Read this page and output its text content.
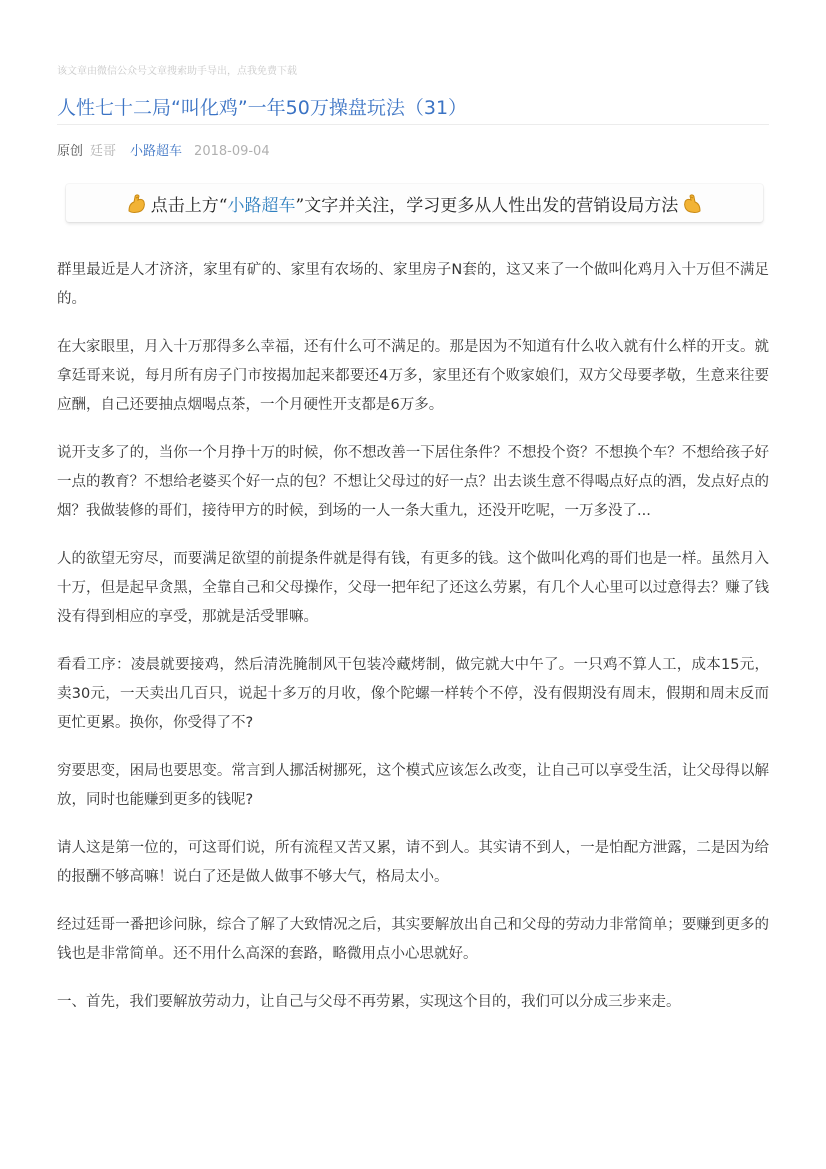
该文章由微信公众号文章搜索助手导出，点我免费下载
人性七十二局“叫化鸡”一年50万操盘玩法（31）
原创 廷哥 小路超车 2018-09-04
点击上方“ 小路超车 ”文字并关注，学习更多从人性出发的营销设局方法

群里最近是人才济济，家里有矿的、家里有农场的、家里房子N套的，这又来了一个做叫化鸡月入十万但不满足的。

在大家眼里，月入十万那得多么幸福，还有什么可不满足的。那是因为不知道有什么收入就有什么样的开支。就拿廷哥来说，每月所有房子门市按揭加起来都要还4万多，家里还有个败家娘们，双方父母要孝敬，生意来往要应酬，自己还要抽点烟喝点茶，一个月硬性开支都是6万多。

说开支多了的，当你一个月挣十万的时候，你不想改善一下居住条件？不想投个资？不想换个车？不想给孩子好一点的教育？不想给老婆买个好一点的包？不想让父母过的好一点？出去谈生意不得喝点好点的酒，发点好点的烟？我做装修的哥们，接待甲方的时候，到场的一人一条大重九，还没开吃呢，一万多没了...

人的欲望无穷尽，而要满足欲望的前提条件就是得有钱，有更多的钱。这个做叫化鸡的哥们也是一样。虽然月入十万，但是起早贪黑，全靠自己和父母操作，父母一把年纪了还这么劳累，有几个人心里可以过意得去？赚了钱没有得到相应的享受，那就是活受罪嘛。

看看工序：凌晨就要接鸡，然后清洗腌制风干包装冷藏烤制，做完就大中午了。一只鸡不算人工，成本15元，卖30元，一天卖出几百只，说起十多万的月收，像个陀螺一样转个不停，没有假期没有周末，假期和周末反而更忙更累。换你，你受得了不?

穷要思变，困局也要思变。常言到人挪活树挪死，这个模式应该怎么改变，让自己可以享受生活，让父母得以解放，同时也能赚到更多的钱呢?

请人这是第一位的，可这哥们说，所有流程又苦又累，请不到人。其实请不到人，一是怕配方泄露，二是因为给的报酬不够高嘛！说白了还是做人做事不够大气，格局太小。

经过廷哥一番把诊问脉，综合了解了大致情况之后，其实要解放出自己和父母的劳动力非常简单；要赚到更多的钱也是非常简单。还不用什么高深的套路，略微用点小心思就好。

一、首先，我们要解放劳动力，让自己与父母不再劳累，实现这个目的，我们可以分成三步来走。
